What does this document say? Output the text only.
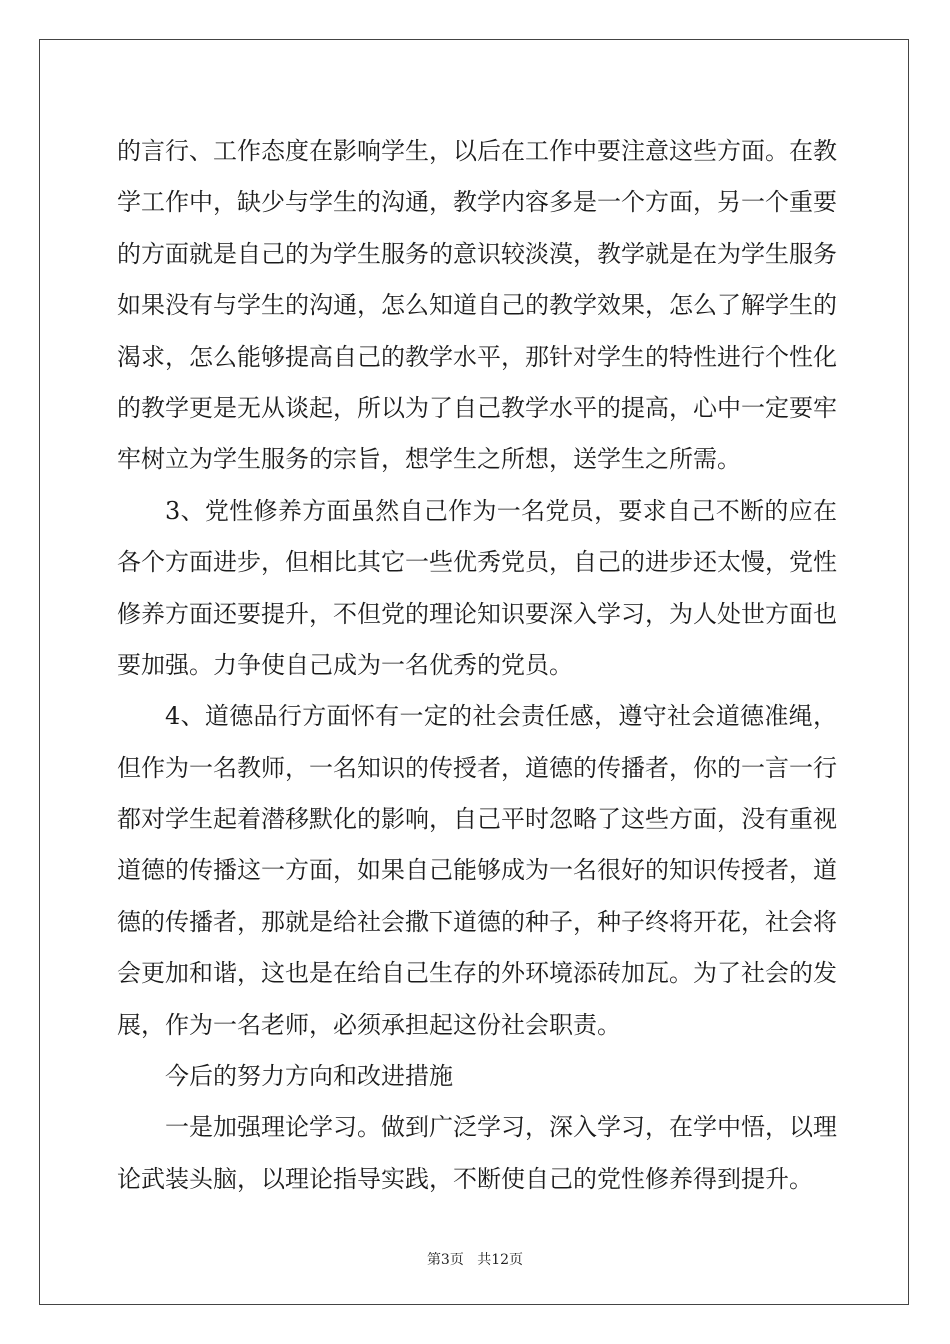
的言行、工作态度在影响学生，以后在工作中要注意这些方面。在教
学工作中，缺少与学生的沟通，教学内容多是一个方面，另一个重要
的方面就是自己的为学生服务的意识较淡漠，教学就是在为学生服务
如果没有与学生的沟通，怎么知道自己的教学效果，怎么了解学生的
渴求，怎么能够提高自己的教学水平，那针对学生的特性进行个性化
的教学更是无从谈起，所以为了自己教学水平的提高，心中一定要牢
牢树立为学生服务的宗旨，想学生之所想，送学生之所需。
3、党性修养方面虽然自己作为一名党员，要求自己不断的应在
各个方面进步，但相比其它一些优秀党员，自己的进步还太慢，党性
修养方面还要提升，不但党的理论知识要深入学习，为人处世方面也
要加强。力争使自己成为一名优秀的党员。
4、道德品行方面怀有一定的社会责任感，遵守社会道德准绳，
但作为一名教师，一名知识的传授者，道德的传播者，你的一言一行
都对学生起着潜移默化的影响，自己平时忽略了这些方面，没有重视
道德的传播这一方面，如果自己能够成为一名很好的知识传授者，道
德的传播者，那就是给社会撒下道德的种子，种子终将开花，社会将
会更加和谐，这也是在给自己生存的外环境添砖加瓦。为了社会的发
展，作为一名老师，必须承担起这份社会职责。
今后的努力方向和改进措施
一是加强理论学习。做到广泛学习，深入学习，在学中悟，以理
论武装头脑，以理论指导实践，不断使自己的党性修养得到提升。
第3页 共12页
